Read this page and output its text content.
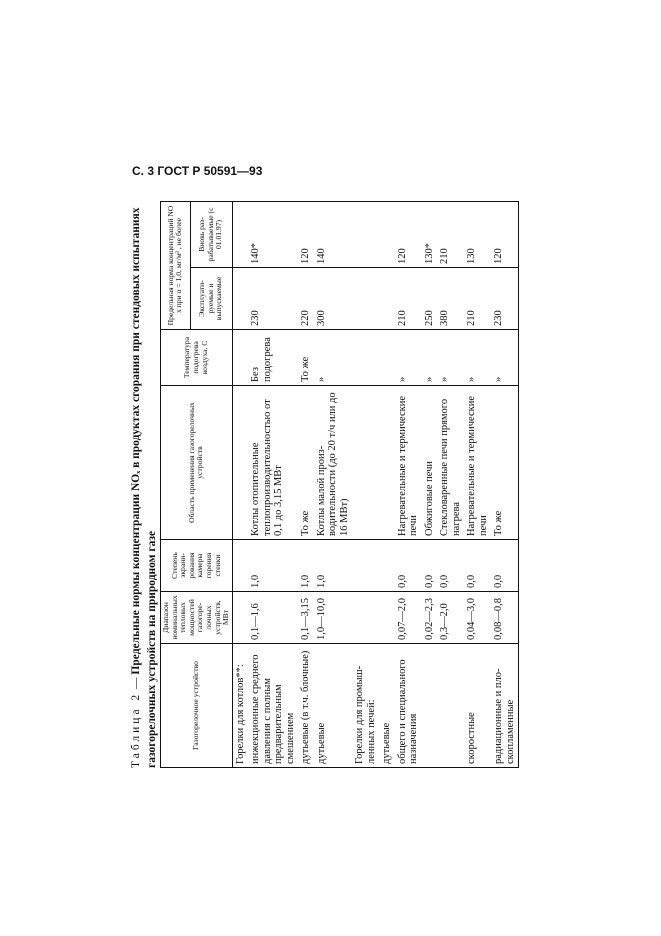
С. 3 ГОСТ Р 50591—93
Таблица 2 — Предельные нормы концентрации NOx в продуктах сгорания при стендовых испытаниях газогорелочных устройств на природном газе	Газогорелочное устройство	Диапазон номинальных тепловых мощностей газогорелочных устройств, МВт	Степень экранирования камеры горения стенки	Область применения газогорелочных устройств	Температура подогрева воздуха, С	Предельная норма концентраций NO x при α = 1,0, мг/м³ , не более	
					Эксплуатируемые и выпускаемые	Вновь разрабатываемые (с 01.01.97)
Горелки для котлов**:						
инжекционные среднего давления с полным предварительным смешением	0,1—1,6	1,0	Котлы отопительные теплопроизводительностью от 0,1 до 3,15 МВт	Без подогрева	230	140*
дутьевые (в т.ч. блочные)	0,1—3,15	1,0	То же	То же	220	120
дутьевые	1,0—10,0	1,0	Котлы малой производительности (до 20 т/ч или до 16 МВт)	»	300	140
Горелки для промышленных печей:						
дутьевые						
общего и специального назначения	0,07—2,0	0,0	Нагревательные и термические печи	»	210	120
	0,02—2,3	0,0	Обжиговые печи	»	250	130*
	0,3—2,0	0,0	Стекловаренные печи прямого нагрева	»	380	210
скоростные	0,04—3,0	0,0	Нагревательные и термические печи	»	210	130
радиационные и плоскопламенные	0,08—0,8	0,0	То же	»	230	120
